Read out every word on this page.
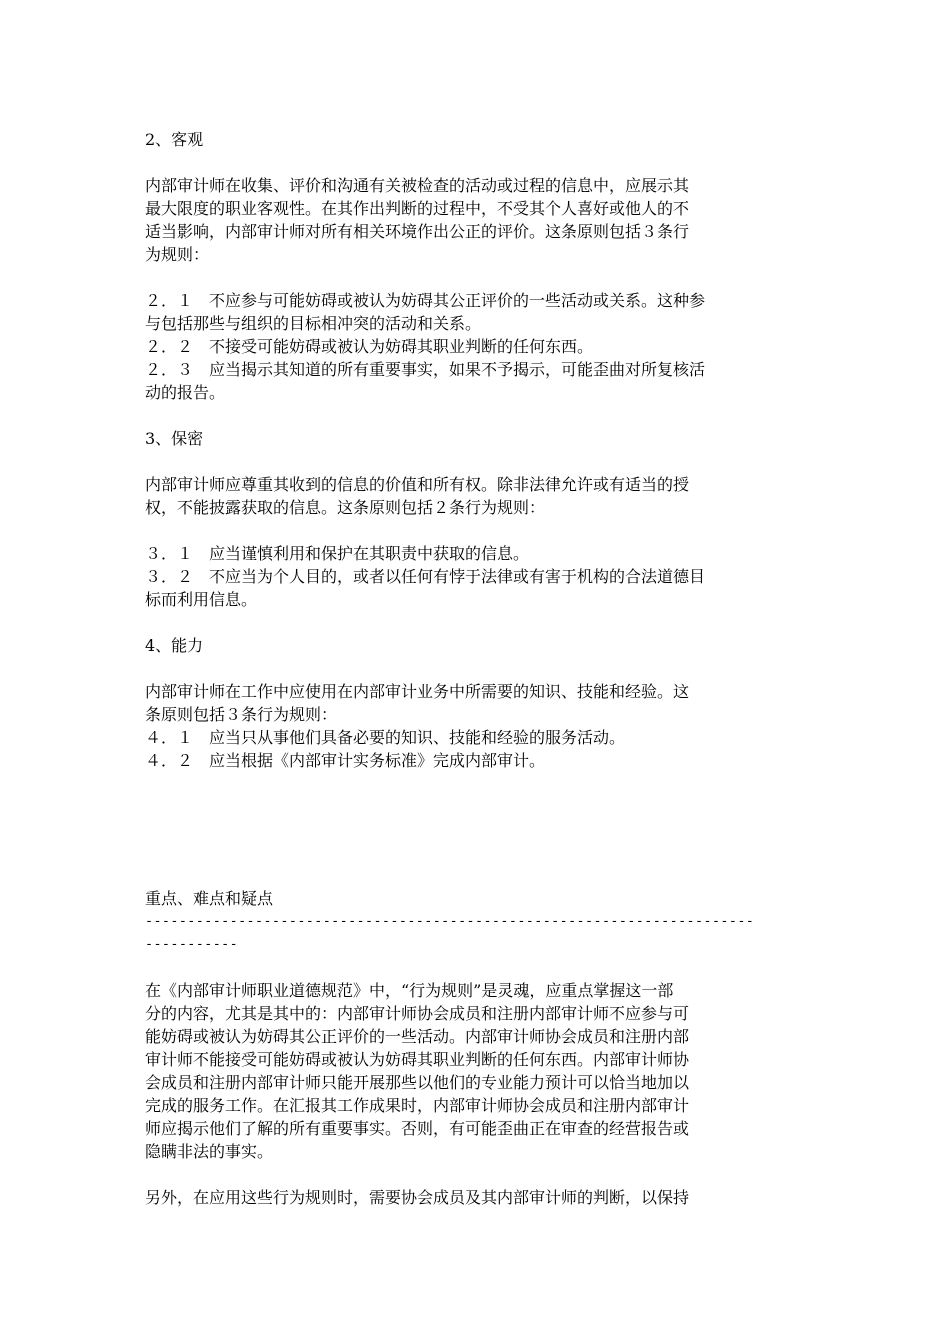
2、客观
内部审计师在收集、评价和沟通有关被检查的活动或过程的信息中，应展示其
最大限度的职业客观性。在其作出判断的过程中，不受其个人喜好或他人的不
适当影响，内部审计师对所有相关环境作出公正的评价。这条原则包括３条行
为规则：
２．１　不应参与可能妨碍或被认为妨碍其公正评价的一些活动或关系。这种参
与包括那些与组织的目标相冲突的活动和关系。
２．２　不接受可能妨碍或被认为妨碍其职业判断的任何东西。
２．３　应当揭示其知道的所有重要事实，如果不予揭示，可能歪曲对所复核活
动的报告。
3、保密
内部审计师应尊重其收到的信息的价值和所有权。除非法律允许或有适当的授
权，不能披露获取的信息。这条原则包括２条行为规则：
３．１　应当谨慎利用和保护在其职责中获取的信息。
３．２　不应当为个人目的，或者以任何有悖于法律或有害于机构的合法道德目
标而利用信息。
4、能力
内部审计师在工作中应使用在内部审计业务中所需要的知识、技能和经验。这
条原则包括３条行为规则：
４．１　应当只从事他们具备必要的知识、技能和经验的服务活动。
４．２　应当根据《内部审计实务标准》完成内部审计。
重点、难点和疑点
------------------------------------------------------------------------
-----------
在《内部审计师职业道德规范》中，“行为规则”是灵魂，应重点掌握这一部
分的内容，尤其是其中的：内部审计师协会成员和注册内部审计师不应参与可
能妨碍或被认为妨碍其公正评价的一些活动。内部审计师协会成员和注册内部
审计师不能接受可能妨碍或被认为妨碍其职业判断的任何东西。内部审计师协
会成员和注册内部审计师只能开展那些以他们的专业能力预计可以恰当地加以
完成的服务工作。在汇报其工作成果时，内部审计师协会成员和注册内部审计
师应揭示他们了解的所有重要事实。否则，有可能歪曲正在审查的经营报告或
隐瞒非法的事实。
另外，在应用这些行为规则时，需要协会成员及其内部审计师的判断，以保持
